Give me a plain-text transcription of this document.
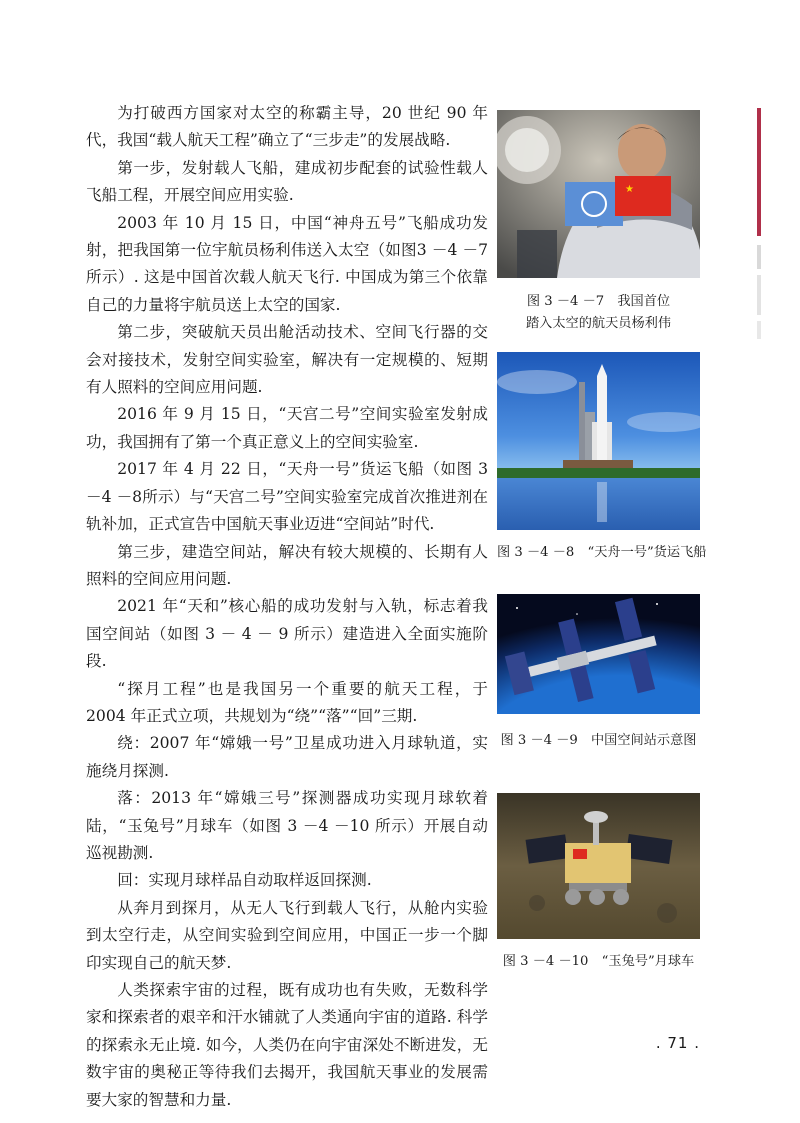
为打破西方国家对太空的称霸主导，20 世纪 90 年代，我国“载人航天工程”确立了“三步走”的发展战略.

第一步，发射载人飞船，建成初步配套的试验性载人飞船工程，开展空间应用实验.

2003 年 10 月 15 日，中国“神舟五号”飞船成功发射，把我国第一位宇航员杨利伟送入太空（如图3 －4 －7 所示）. 这是中国首次载人航天飞行. 中国成为第三个依靠自己的力量将宇航员送上太空的国家.

第二步，突破航天员出舱活动技术、空间飞行器的交会对接技术，发射空间实验室，解决有一定规模的、短期有人照料的空间应用问题.

2016 年 9 月 15 日，“天宫二号”空间实验室发射成功，我国拥有了第一个真正意义上的空间实验室.

2017 年 4 月 22 日，“天舟一号”货运飞船（如图 3 －4 －8所示）与“天宫二号”空间实验室完成首次推进剂在轨补加，正式宣告中国航天事业迈进“空间站”时代.

第三步，建造空间站，解决有较大规模的、长期有人照料的空间应用问题.

2021 年“天和”核心船的成功发射与入轨，标志着我国空间站（如图 3 － 4 － 9 所示）建造进入全面实施阶段.

“探月工程”也是我国另一个重要的航天工程，于 2004 年正式立项，共规划为“绕”“落”“回”三期.

绕：2007 年“嫦娥一号”卫星成功进入月球轨道，实施绕月探测.

落：2013 年“嫦娥三号”探测器成功实现月球软着陆，“玉兔号”月球车（如图 3 －4 －10 所示）开展自动巡视勘测.

回：实现月球样品自动取样返回探测.

从奔月到探月，从无人飞行到载人飞行，从舱内实验到太空行走，从空间实验到空间应用，中国正一步一个脚印实现自己的航天梦.

人类探索宇宙的过程，既有成功也有失败，无数科学家和探索者的艰辛和汗水铺就了人类通向宇宙的道路. 科学的探索永无止境. 如今，人类仍在向宇宙深处不断进发，无数宇宙的奥秘正等待我们去揭开，我国航天事业的发展需要大家的智慧和力量.

★
图 3 －4 －7　我国首位
踏入太空的航天员杨利伟
图 3 －4 －8　“天舟一号”货运飞船
图 3 －4 －9　中国空间站示意图
图 3 －4 －10　“玉兔号”月球车
. 71 .
